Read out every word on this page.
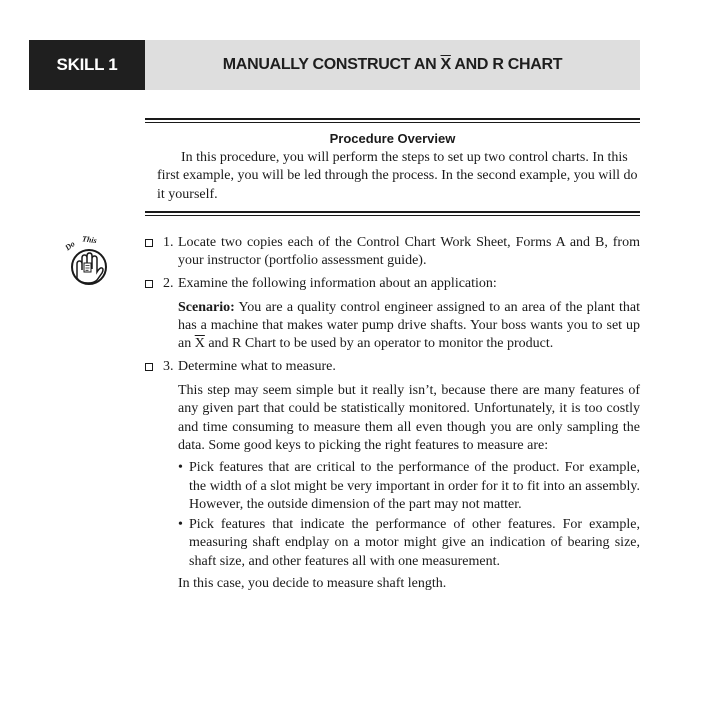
SKILL 1	MANUALLY CONSTRUCT AN $\overline{X}$ AND R CHART
Procedure Overview
In this procedure, you will perform the steps to set up two control charts. In this first example, you will be led through the process. In the second example, you will do it yourself.
Do This	1. Locate two copies each of the Control Chart Work Sheet, Forms A and B, from your instructor (portfolio assessment guide).
2. Examine the following information about an application:
Scenario: You are a quality control engineer assigned to an area of the plant that has a machine that makes water pump drive shafts. Your boss wants you to set up an $\overline{X}$ and R Chart to be used by an operator to monitor the product.
3. Determine what to measure.
This step may seem simple but it really isn’t, because there are many features of any given part that could be statistically monitored. Unfortunately, it is too costly and time consuming to measure them all even though you are only sampling the data. Some good keys to picking the right features to measure are:
• Pick features that are critical to the performance of the product. For example, the width of a slot might be very important in order for it to fit into an assembly. However, the outside dimension of the part may not matter.
• Pick features that indicate the performance of other features. For example, measuring shaft endplay on a motor might give an indication of bearing size, shaft size, and other features all with one measurement.
In this case, you decide to measure shaft length.
